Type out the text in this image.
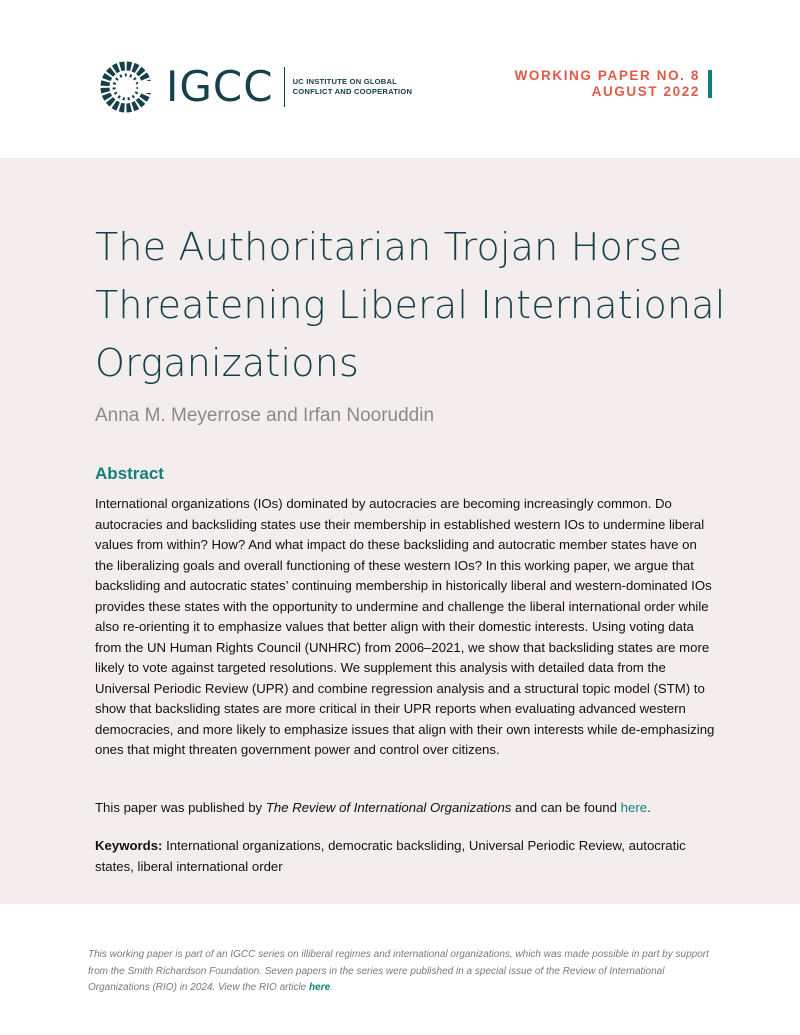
IGCC	UC INSTITUTE ON GLOBAL
CONFLICT AND COOPERATION
WORKING PAPER NO. 8
AUGUST 2022
The Authoritarian Trojan Horse Threatening Liberal International Organizations

Anna M. Meyerrose and Irfan Nooruddin

Abstract

International organizations (IOs) dominated by autocracies are becoming increasingly common. Do autocracies and backsliding states use their membership in established western IOs to undermine liberal values from within? How? And what impact do these backsliding and autocratic member states have on the liberalizing goals and overall functioning of these western IOs? In this working paper, we argue that backsliding and autocratic states’ continuing membership in historically liberal and western-dominated IOs provides these states with the opportunity to undermine and challenge the liberal international order while also re-orienting it to emphasize values that better align with their domestic interests. Using voting data from the UN Human Rights Council (UNHRC) from 2006–2021, we show that backsliding states are more likely to vote against targeted resolutions. We supplement this analysis with detailed data from the Universal Periodic Review (UPR) and combine regression analysis and a structural topic model (STM) to show that backsliding states are more critical in their UPR reports when evaluating advanced western democracies, and more likely to emphasize issues that align with their own interests while de-emphasizing ones that might threaten government power and control over citizens.

This paper was published by The Review of International Organizations and can be found here.

Keywords: International organizations, democratic backsliding, Universal Periodic Review, autocratic states, liberal international order

This working paper is part of an IGCC series on illiberal regimes and international organizations, which was made possible in part by support from the Smith Richardson Foundation. Seven papers in the series were published in a special issue of the Review of International Organizations (RIO) in 2024. View the RIO article here.
